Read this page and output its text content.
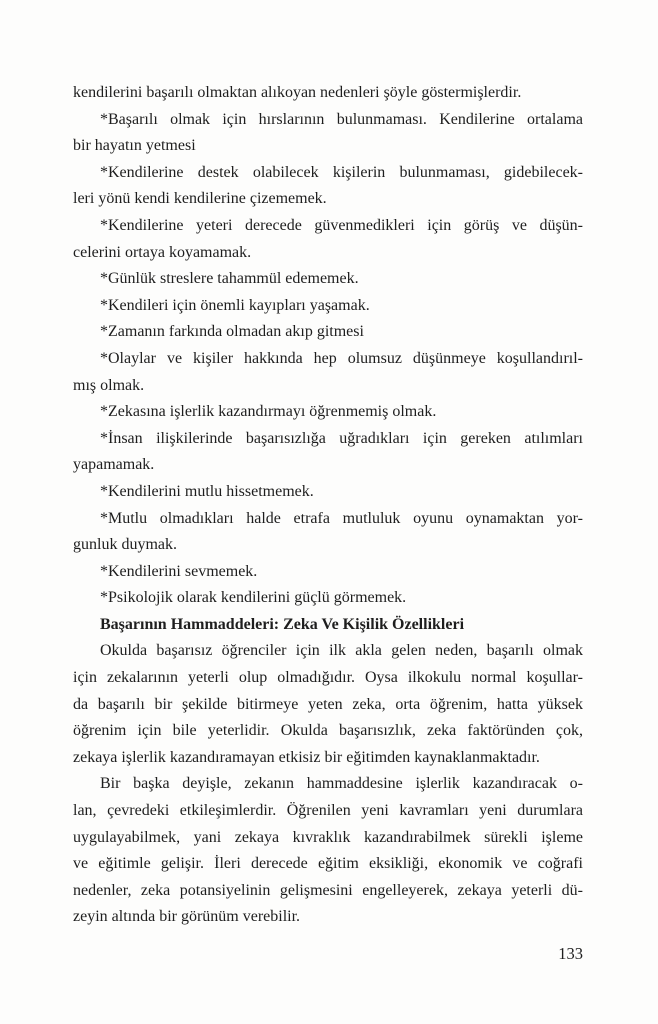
kendilerini başarılı olmaktan alıkoyan nedenleri şöyle göstermişlerdir.

*Başarılı olmak için hırslarının bulunmaması. Kendilerine ortalama

bir hayatın yetmesi

*Kendilerine destek olabilecek kişilerin bulunmaması, gidebilecek-

leri yönü kendi kendilerine çizememek.

*Kendilerine yeteri derecede güvenmedikleri için görüş ve düşün-

celerini ortaya koyamamak.

*Günlük streslere tahammül edememek.

*Kendileri için önemli kayıpları yaşamak.

*Zamanın farkında olmadan akıp gitmesi

*Olaylar ve kişiler hakkında hep olumsuz düşünmeye koşullandırıl-

mış olmak.

*Zekasına işlerlik kazandırmayı öğrenmemiş olmak.

*İnsan ilişkilerinde başarısızlığa uğradıkları için gereken atılımları

yapamamak.

*Kendilerini mutlu hissetmemek.

*Mutlu olmadıkları halde etrafa mutluluk oyunu oynamaktan yor-

gunluk duymak.

*Kendilerini sevmemek.

*Psikolojik olarak kendilerini güçlü görmemek.

Başarının Hammaddeleri: Zeka Ve Kişilik Özellikleri

Okulda başarısız öğrenciler için ilk akla gelen neden, başarılı olmak

için zekalarının yeterli olup olmadığıdır. Oysa ilkokulu normal koşullar-

da başarılı bir şekilde bitirmeye yeten zeka, orta öğrenim, hatta yüksek

öğrenim için bile yeterlidir. Okulda başarısızlık, zeka faktöründen çok,

zekaya işlerlik kazandıramayan etkisiz bir eğitimden kaynaklanmaktadır.

Bir başka deyişle, zekanın hammaddesine işlerlik kazandıracak o-

lan, çevredeki etkileşimlerdir. Öğrenilen yeni kavramları yeni durumlara

uygulayabilmek, yani zekaya kıvraklık kazandırabilmek sürekli işleme

ve eğitimle gelişir. İleri derecede eğitim eksikliği, ekonomik ve coğrafi

nedenler, zeka potansiyelinin gelişmesini engelleyerek, zekaya yeterli dü-

zeyin altında bir görünüm verebilir.

133
